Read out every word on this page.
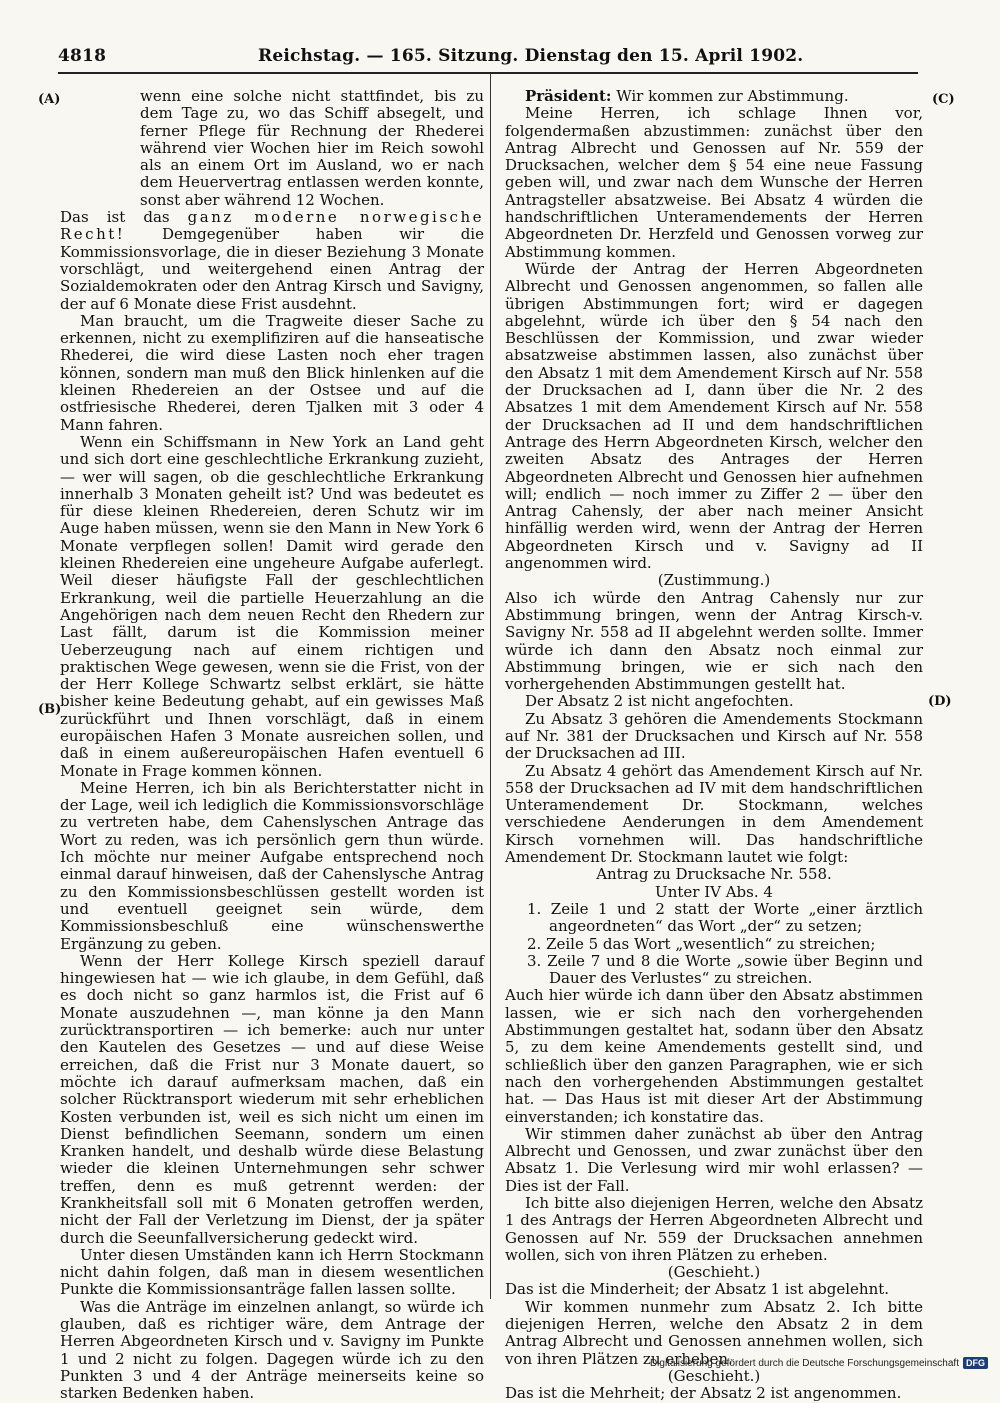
4818	Reichstag. — 165. Sitzung. Dienstag den 15. April 1902.
(A)
(B)
(C)
(D)

wenn eine solche nicht stattfindet, bis zu dem Tage zu, wo das Schiff absegelt, und ferner Pflege für Rechnung der Rhederei während vier Wochen hier im Reich sowohl als an einem Ort im Ausland, wo er nach dem Heuervertrag entlassen werden konnte, sonst aber während 12 Wochen.

Das ist das ganz moderne norwegische Recht! Demgegenüber haben wir die Kommissionsvorlage, die in dieser Beziehung 3 Monate vorschlägt, und weitergehend einen Antrag der Sozialdemokraten oder den Antrag Kirsch und Savigny, der auf 6 Monate diese Frist ausdehnt.

Man braucht, um die Tragweite dieser Sache zu erkennen, nicht zu exemplifiziren auf die hanseatische Rhederei, die wird diese Lasten noch eher tragen können, sondern man muß den Blick hinlenken auf die kleinen Rhedereien an der Ostsee und auf die ostfriesische Rhederei, deren Tjalken mit 3 oder 4 Mann fahren.

Wenn ein Schiffsmann in New York an Land geht und sich dort eine geschlechtliche Erkrankung zuzieht, — wer will sagen, ob die geschlechtliche Erkrankung innerhalb 3 Monaten geheilt ist? Und was bedeutet es für diese kleinen Rhedereien, deren Schutz wir im Auge haben müssen, wenn sie den Mann in New York 6 Monate verpflegen sollen! Damit wird gerade den kleinen Rhedereien eine ungeheure Aufgabe auferlegt. Weil dieser häufigste Fall der geschlechtlichen Erkrankung, weil die partielle Heuerzahlung an die Angehörigen nach dem neuen Recht den Rhedern zur Last fällt, darum ist die Kommission meiner Ueberzeugung nach auf einem richtigen und praktischen Wege gewesen, wenn sie die Frist, von der der Herr Kollege Schwartz selbst erklärt, sie hätte bisher keine Bedeutung gehabt, auf ein gewisses Maß zurückführt und Ihnen vorschlägt, daß in einem europäischen Hafen 3 Monate ausreichen sollen, und daß in einem außereuropäischen Hafen eventuell 6 Monate in Frage kommen können.

Meine Herren, ich bin als Berichterstatter nicht in der Lage, weil ich lediglich die Kommissionsvorschläge zu vertreten habe, dem Cahenslyschen Antrage das Wort zu reden, was ich persönlich gern thun würde. Ich möchte nur meiner Aufgabe entsprechend noch einmal darauf hinweisen, daß der Cahenslysche Antrag zu den Kommissionsbeschlüssen gestellt worden ist und eventuell geeignet sein würde, dem Kommissionsbeschluß eine wünschenswerthe Ergänzung zu geben.

Wenn der Herr Kollege Kirsch speziell darauf hingewiesen hat — wie ich glaube, in dem Gefühl, daß es doch nicht so ganz harmlos ist, die Frist auf 6 Monate auszudehnen —, man könne ja den Mann zurücktransportiren — ich bemerke: auch nur unter den Kautelen des Gesetzes — und auf diese Weise erreichen, daß die Frist nur 3 Monate dauert, so möchte ich darauf aufmerksam machen, daß ein solcher Rücktransport wiederum mit sehr erheblichen Kosten verbunden ist, weil es sich nicht um einen im Dienst befindlichen Seemann, sondern um einen Kranken handelt, und deshalb würde diese Belastung wieder die kleinen Unternehmungen sehr schwer treffen, denn es muß getrennt werden: der Krankheitsfall soll mit 6 Monaten getroffen werden, nicht der Fall der Verletzung im Dienst, der ja später durch die Seeunfallversicherung gedeckt wird.

Unter diesen Umständen kann ich Herrn Stockmann nicht dahin folgen, daß man in diesem wesentlichen Punkte die Kommissionsanträge fallen lassen sollte.

Was die Anträge im einzelnen anlangt, so würde ich glauben, daß es richtiger wäre, dem Antrage der Herren Abgeordneten Kirsch und v. Savigny im Punkte 1 und 2 nicht zu folgen. Dagegen würde ich zu den Punkten 3 und 4 der Anträge meinerseits keine so starken Bedenken haben.

Präsident: Wir kommen zur Abstimmung.

Meine Herren, ich schlage Ihnen vor, folgendermaßen abzustimmen: zunächst über den Antrag Albrecht und Genossen auf Nr. 559 der Drucksachen, welcher dem § 54 eine neue Fassung geben will, und zwar nach dem Wunsche der Herren Antragsteller absatzweise. Bei Absatz 4 würden die handschriftlichen Unteramendements der Herren Abgeordneten Dr. Herzfeld und Genossen vorweg zur Abstimmung kommen.

Würde der Antrag der Herren Abgeordneten Albrecht und Genossen angenommen, so fallen alle übrigen Abstimmungen fort; wird er dagegen abgelehnt, würde ich über den § 54 nach den Beschlüssen der Kommission, und zwar wieder absatzweise abstimmen lassen, also zunächst über den Absatz 1 mit dem Amendement Kirsch auf Nr. 558 der Drucksachen ad I, dann über die Nr. 2 des Absatzes 1 mit dem Amendement Kirsch auf Nr. 558 der Drucksachen ad II und dem handschriftlichen Antrage des Herrn Abgeordneten Kirsch, welcher den zweiten Absatz des Antrages der Herren Abgeordneten Albrecht und Genossen hier aufnehmen will; endlich — noch immer zu Ziffer 2 — über den Antrag Cahensly, der aber nach meiner Ansicht hinfällig werden wird, wenn der Antrag der Herren Abgeordneten Kirsch und v. Savigny ad II angenommen wird.

(Zustimmung.)

Also ich würde den Antrag Cahensly nur zur Abstimmung bringen, wenn der Antrag Kirsch-v. Savigny Nr. 558 ad II abgelehnt werden sollte. Immer würde ich dann den Absatz noch einmal zur Abstimmung bringen, wie er sich nach den vorhergehenden Abstimmungen gestellt hat.

Der Absatz 2 ist nicht angefochten.

Zu Absatz 3 gehören die Amendements Stockmann auf Nr. 381 der Drucksachen und Kirsch auf Nr. 558 der Drucksachen ad III.

Zu Absatz 4 gehört das Amendement Kirsch auf Nr. 558 der Drucksachen ad IV mit dem handschriftlichen Unteramendement Dr. Stockmann, welches verschiedene Aenderungen in dem Amendement Kirsch vornehmen will. Das handschriftliche Amendement Dr. Stockmann lautet wie folgt:

Antrag zu Drucksache Nr. 558.

Unter IV Abs. 4

1. Zeile 1 und 2 statt der Worte „einer ärztlich angeordneten“ das Wort „der“ zu setzen;

2. Zeile 5 das Wort „wesentlich“ zu streichen;

3. Zeile 7 und 8 die Worte „sowie über Beginn und Dauer des Verlustes“ zu streichen.

Auch hier würde ich dann über den Absatz abstimmen lassen, wie er sich nach den vorhergehenden Abstimmungen gestaltet hat, sodann über den Absatz 5, zu dem keine Amendements gestellt sind, und schließlich über den ganzen Paragraphen, wie er sich nach den vorhergehenden Abstimmungen gestaltet hat. — Das Haus ist mit dieser Art der Abstimmung einverstanden; ich konstatire das.

Wir stimmen daher zunächst ab über den Antrag Albrecht und Genossen, und zwar zunächst über den Absatz 1. Die Verlesung wird mir wohl erlassen? — Dies ist der Fall.

Ich bitte also diejenigen Herren, welche den Absatz 1 des Antrags der Herren Abgeordneten Albrecht und Genossen auf Nr. 559 der Drucksachen annehmen wollen, sich von ihren Plätzen zu erheben.

(Geschieht.)

Das ist die Minderheit; der Absatz 1 ist abgelehnt.

Wir kommen nunmehr zum Absatz 2. Ich bitte diejenigen Herren, welche den Absatz 2 in dem Antrag Albrecht und Genossen annehmen wollen, sich von ihren Plätzen zu erheben.

(Geschieht.)

Das ist die Mehrheit; der Absatz 2 ist angenommen.

Digitalisierung gefördert durch die Deutsche Forschungsgemeinschaft DFG
